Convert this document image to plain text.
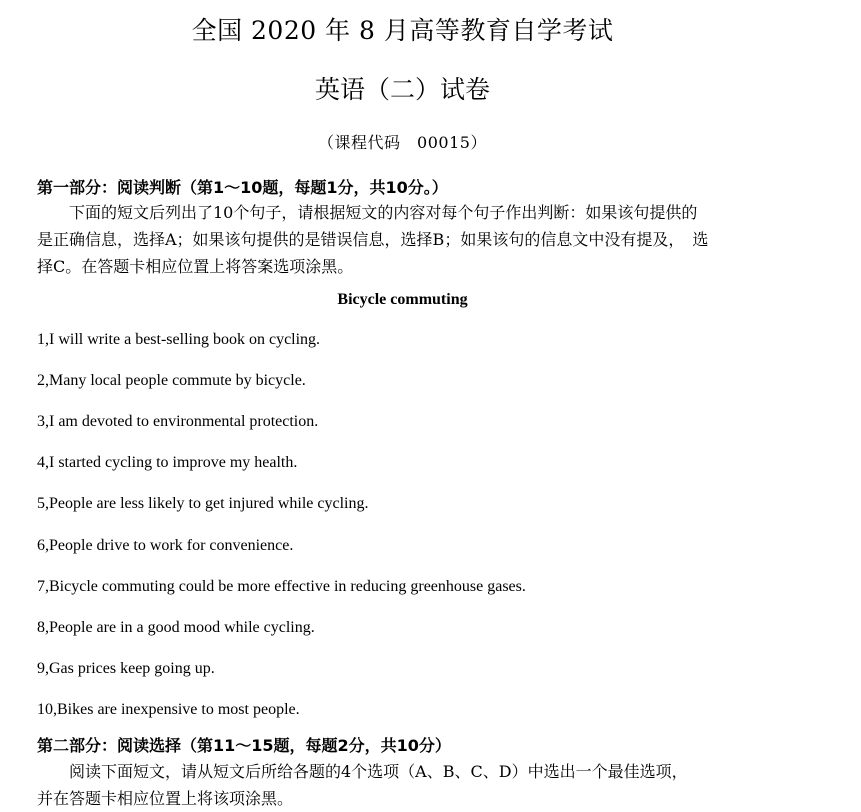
全国 2020 年 8 月高等教育自学考试
英语（二）试卷
（课程代码　00015）
第一部分：阅读判断（第1～10题，每题1分，共10分。）
　　下面的短文后列出了10个句子，请根据短文的内容对每个句子作出判断：如果该句提供的
是正确信息，选择A；如果该句提供的是错误信息，选择B；如果该句的信息文中没有提及，　选
择C。在答题卡相应位置上将答案选项涂黑。
Bicycle commuting
1,I will write a best-selling book on cycling.
2,Many local people commute by bicycle.
3,I am devoted to environmental protection.
4,I started cycling to improve my health.
5,People are less likely to get injured while cycling.
6,People drive to work for convenience.
7,Bicycle commuting could be more effective in reducing greenhouse gases.
8,People are in a good mood while cycling.
9,Gas prices keep going up.
10,Bikes are inexpensive to most people.
第二部分：阅读选择（第11～15题，每题2分，共10分）
　　阅读下面短文，请从短文后所给各题的4个选项（A、B、C、D）中选出一个最佳选项，
并在答题卡相应位置上将该项涂黑。
